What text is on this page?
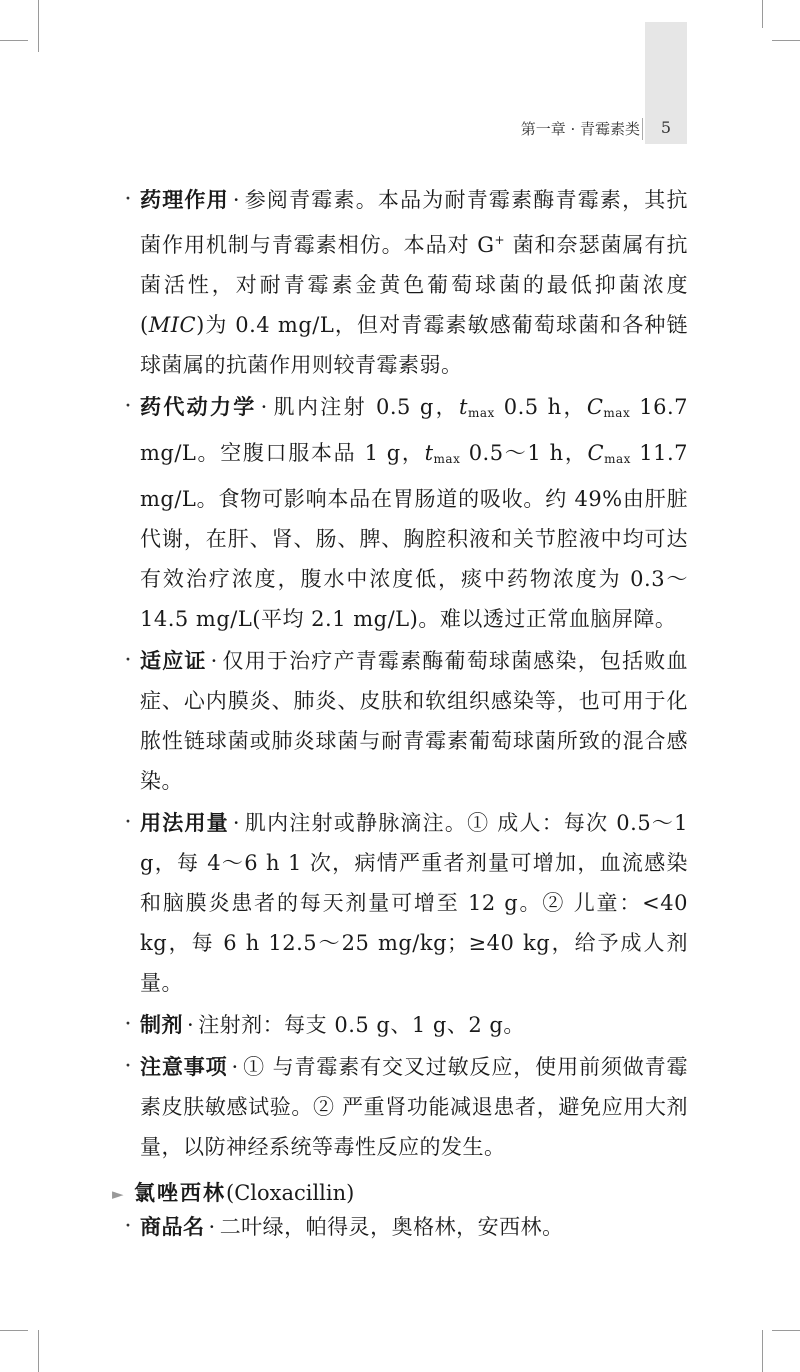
第一章 · 青霉素类	5
· 药理作用 · 参阅青霉素。本品为耐青霉素酶青霉素，其抗菌作用机制与青霉素相仿。本品对 G+ 菌和奈瑟菌属有抗菌活性，对耐青霉素金黄色葡萄球菌的最低抑菌浓度(MIC)为 0.4 mg/L，但对青霉素敏感葡萄球菌和各种链球菌属的抗菌作用则较青霉素弱。
· 药代动力学 · 肌内注射 0.5 g，$t_{max}$ 0.5 h，$C_{max}$ 16.7 mg/L。空腹口服本品 1 g，$t_{max}$ 0.5～1 h，$C_{max}$ 11.7 mg/L。食物可影响本品在胃肠道的吸收。约 49%由肝脏代谢，在肝、肾、肠、脾、胸腔积液和关节腔液中均可达有效治疗浓度，腹水中浓度低，痰中药物浓度为 0.3～14.5 mg/L(平均 2.1 mg/L)。难以透过正常血脑屏障。
· 适应证 · 仅用于治疗产青霉素酶葡萄球菌感染，包括败血症、心内膜炎、肺炎、皮肤和软组织感染等，也可用于化脓性链球菌或肺炎球菌与耐青霉素葡萄球菌所致的混合感染。
· 用法用量 · 肌内注射或静脉滴注。① 成人：每次 0.5～1 g，每 4～6 h 1 次，病情严重者剂量可增加，血流感染和脑膜炎患者的每天剂量可增至 12 g。② 儿童：<40 kg，每 6 h 12.5～25 mg/kg；≥40 kg，给予成人剂量。
· 制剂 · 注射剂：每支 0.5 g、1 g、2 g。
· 注意事项 · ① 与青霉素有交叉过敏反应，使用前须做青霉素皮肤敏感试验。② 严重肾功能减退患者，避免应用大剂量，以防神经系统等毒性反应的发生。
► 氯唑西林(Cloxacillin)
· 商品名 · 二叶绿，帕得灵，奥格林，安西林。
